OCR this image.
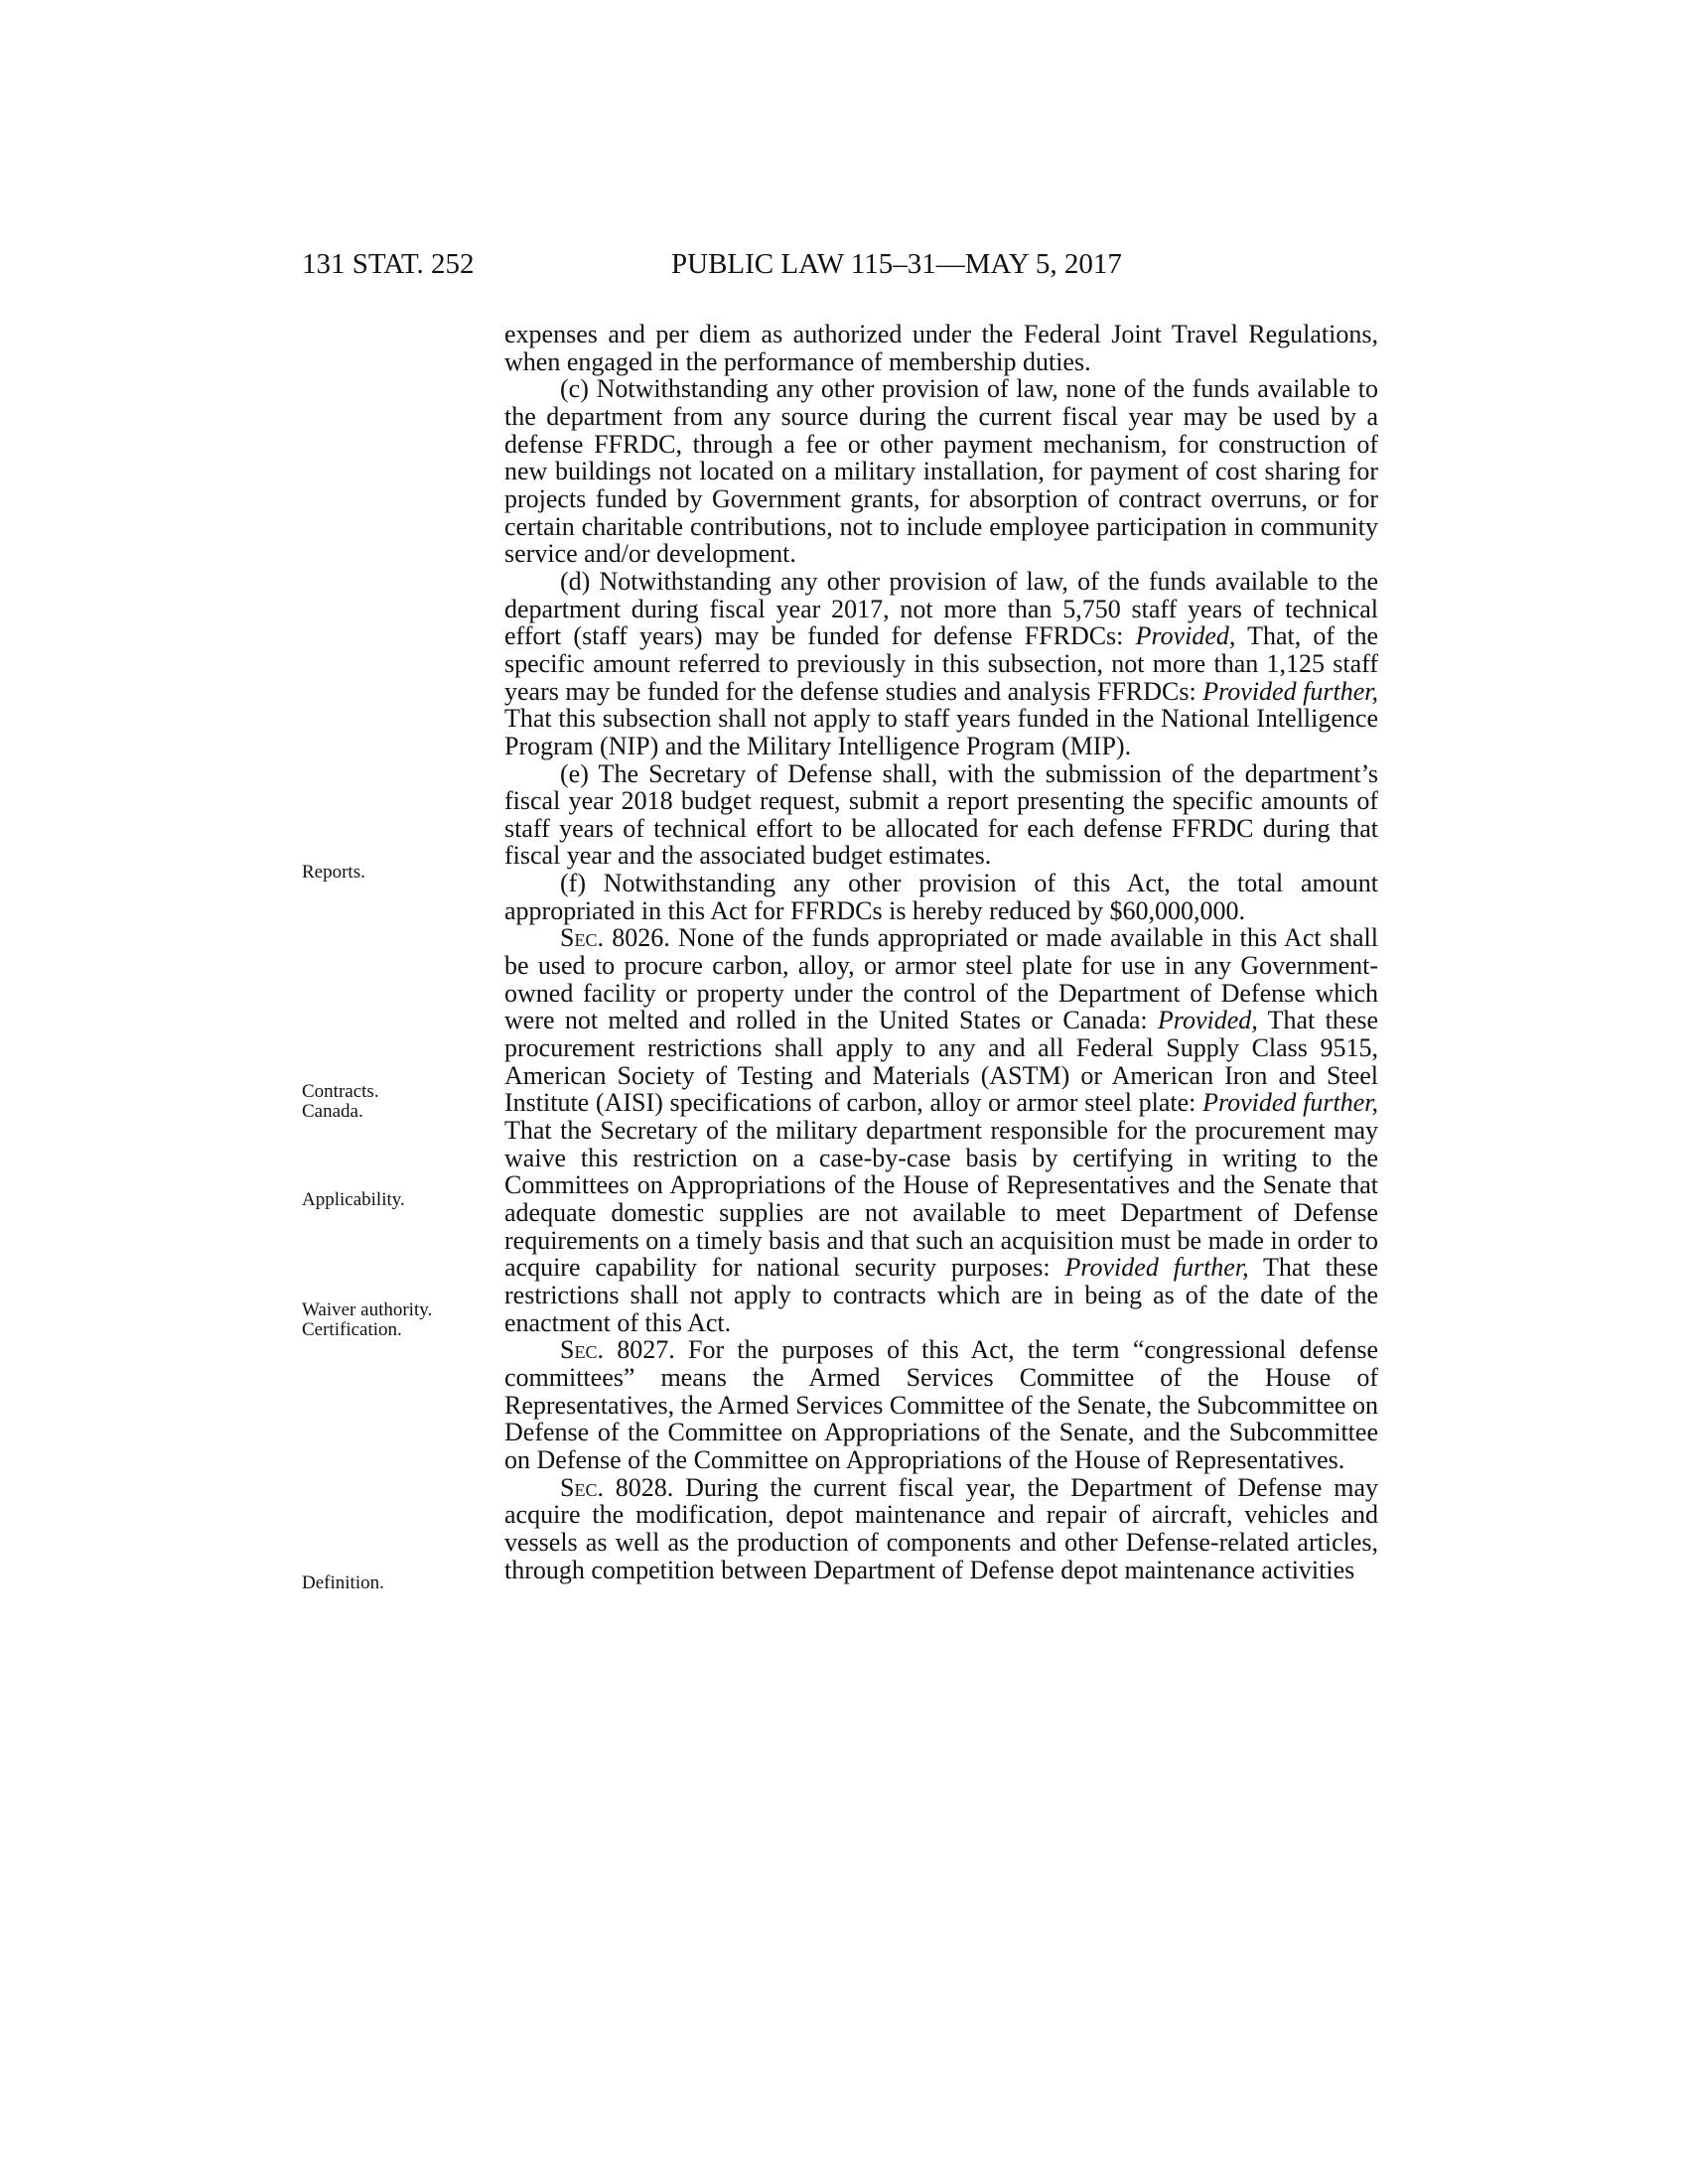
131 STAT. 252	PUBLIC LAW 115–31—MAY 5, 2017
Reports.
Contracts.
Canada.
Applicability.
Waiver authority.
Certification.
Definition.

expenses and per diem as authorized under the Federal Joint Travel Regulations, when engaged in the performance of membership duties.

(c) Notwithstanding any other provision of law, none of the funds available to the department from any source during the current fiscal year may be used by a defense FFRDC, through a fee or other payment mechanism, for construction of new buildings not located on a military installation, for payment of cost sharing for projects funded by Government grants, for absorption of contract overruns, or for certain charitable contributions, not to include employee participation in community service and/or development.

(d) Notwithstanding any other provision of law, of the funds available to the department during fiscal year 2017, not more than 5,750 staff years of technical effort (staff years) may be funded for defense FFRDCs: Provided, That, of the specific amount referred to previously in this subsection, not more than 1,125 staff years may be funded for the defense studies and analysis FFRDCs: Provided further, That this subsection shall not apply to staff years funded in the National Intelligence Program (NIP) and the Military Intelligence Program (MIP).

(e) The Secretary of Defense shall, with the submission of the department’s fiscal year 2018 budget request, submit a report presenting the specific amounts of staff years of technical effort to be allocated for each defense FFRDC during that fiscal year and the associated budget estimates.

(f) Notwithstanding any other provision of this Act, the total amount appropriated in this Act for FFRDCs is hereby reduced by $60,000,000.

Sec. 8026. None of the funds appropriated or made available in this Act shall be used to procure carbon, alloy, or armor steel plate for use in any Government-owned facility or property under the control of the Department of Defense which were not melted and rolled in the United States or Canada: Provided, That these procurement restrictions shall apply to any and all Federal Supply Class 9515, American Society of Testing and Materials (ASTM) or American Iron and Steel Institute (AISI) specifications of carbon, alloy or armor steel plate: Provided further, That the Secretary of the military department responsible for the procurement may waive this restriction on a case-by-case basis by certifying in writing to the Committees on Appropriations of the House of Representatives and the Senate that adequate domestic supplies are not available to meet Department of Defense requirements on a timely basis and that such an acquisition must be made in order to acquire capability for national security purposes: Provided further, That these restrictions shall not apply to contracts which are in being as of the date of the enactment of this Act.

Sec. 8027. For the purposes of this Act, the term “congressional defense committees” means the Armed Services Committee of the House of Representatives, the Armed Services Committee of the Senate, the Subcommittee on Defense of the Committee on Appropriations of the Senate, and the Subcommittee on Defense of the Committee on Appropriations of the House of Representatives.

Sec. 8028. During the current fiscal year, the Department of Defense may acquire the modification, depot maintenance and repair of aircraft, vehicles and vessels as well as the production of components and other Defense-related articles, through competition between Department of Defense depot maintenance activities
